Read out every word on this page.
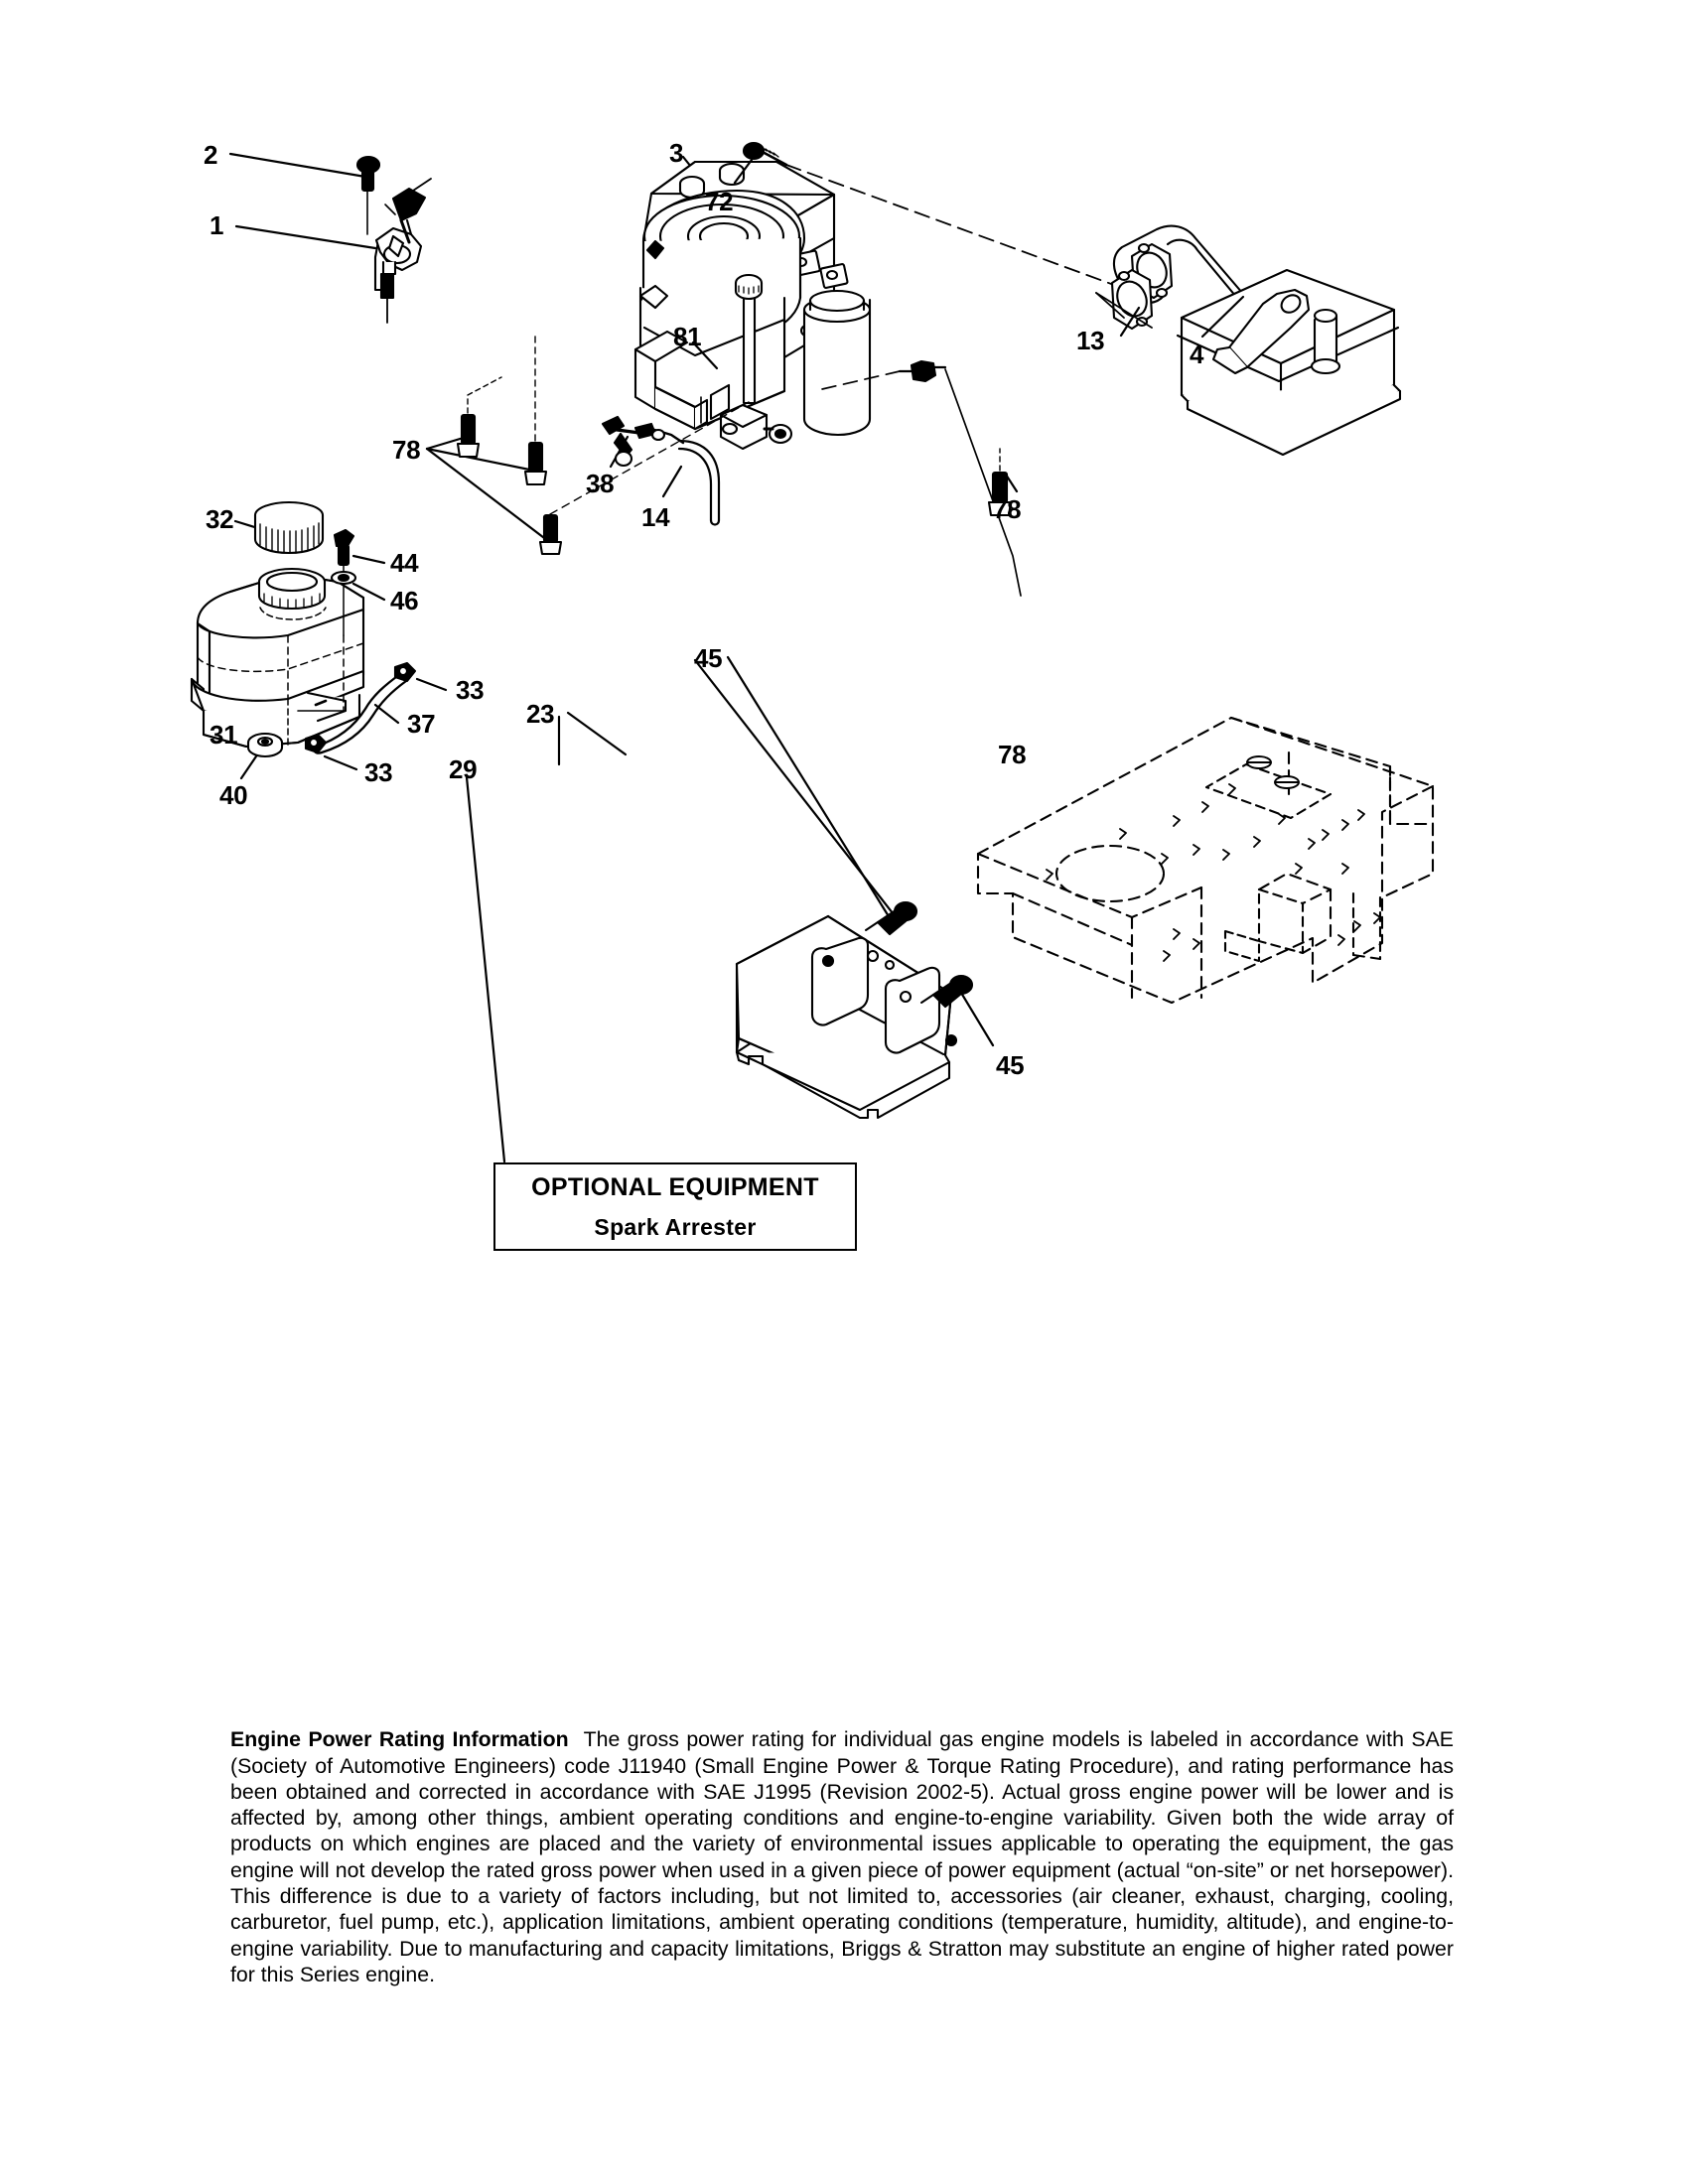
2
1
3
72
13	4
81
78
38
14	78
32
44
46
33
37
31
33
40
29
23
45
45
78
OPTIONAL EQUIPMENT
Spark Arrester

Engine Power Rating Information The gross power rating for individual gas engine models is labeled in accordance with SAE (Society of Automotive Engineers) code J11940 (Small Engine Power & Torque Rating Procedure), and rating performance has been obtained and corrected in accordance with SAE J1995 (Revision 2002-5). Actual gross engine power will be lower and is affected by, among other things, ambient operating conditions and engine-to-engine variability. Given both the wide array of products on which engines are placed and the variety of environmental issues applicable to operating the equipment, the gas engine will not develop the rated gross power when used in a given piece of power equipment (actual “on-site” or net horsepower). This difference is due to a variety of factors including, but not limited to, accessories (air cleaner, exhaust, charging, cooling, carburetor, fuel pump, etc.), application limitations, ambient operating conditions (temperature, humidity, altitude), and engine-to-engine variability. Due to manufacturing and capacity limitations, Briggs & Stratton may substitute an engine of higher rated power for this Series engine.
